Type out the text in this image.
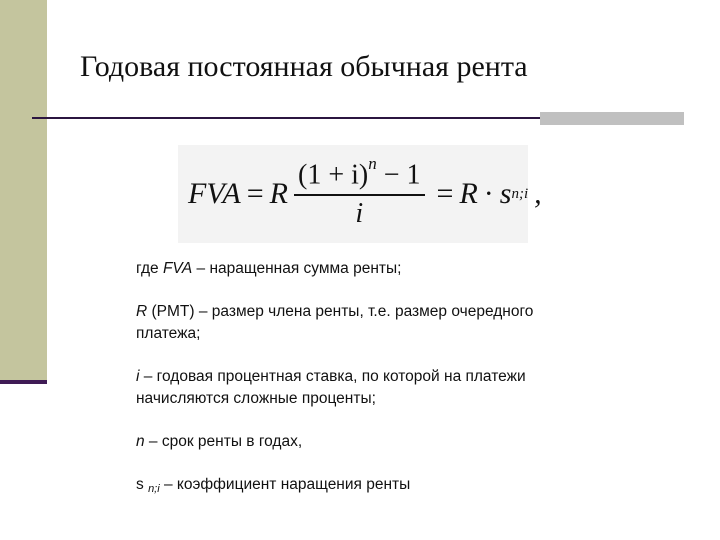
Годовая постоянная обычная рента
FVA = R $\frac{(1 + i)^n - 1}{i} = R \cdot s$ n;i ,

где FVA – наращенная сумма ренты;

R (PMT) – размер члена ренты, т.е. размер очередного платежа;

i – годовая процентная ставка, по которой на платежи начисляются сложные проценты;

n – срок ренты в годах,

s n;i – коэффициент наращения ренты
